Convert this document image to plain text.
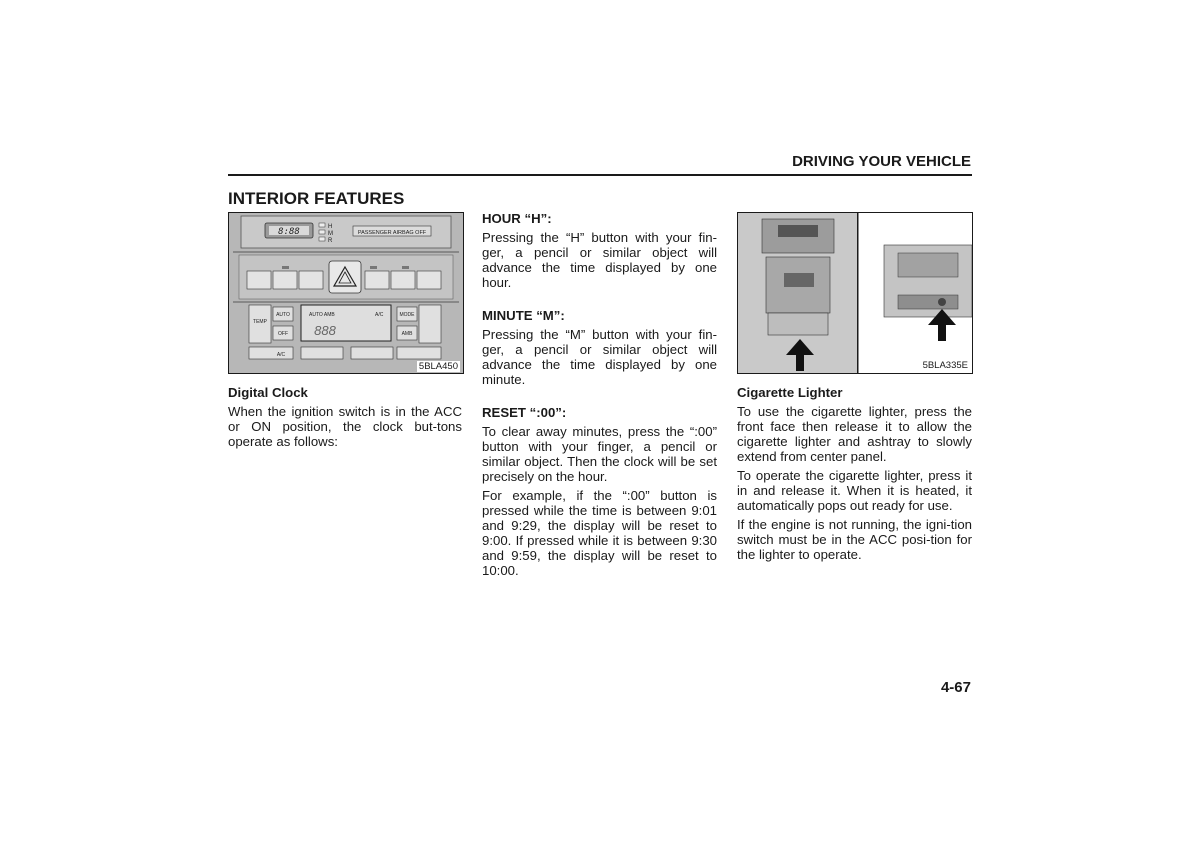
DRIVING YOUR VEHICLE
INTERIOR FEATURES
8:88	H
M
R
PASSENGER AIRBAG OFF
TEMP
AUTO
OFF
AUTO AMB	A/C
888
MODE
AMB
A/C
5BLA450	5BLA335E
Digital Clock

When the ignition switch is in the ACC or ON position, the clock but-tons operate as follows:

HOUR “H”:

Pressing the “H” button with your fin-ger, a pencil or similar object will advance the time displayed by one hour.

MINUTE “M”:

Pressing the “M” button with your fin-ger, a pencil or similar object will advance the time displayed by one minute.

RESET “:00”:

To clear away minutes, press the “:00” button with your finger, a pencil or similar object. Then the clock will be set precisely on the hour.

For example, if the “:00” button is pressed while the time is between 9:01 and 9:29, the display will be reset to 9:00. If pressed while it is between 9:30 and 9:59, the display will be reset to 10:00.

Cigarette Lighter

To use the cigarette lighter, press the front face then release it to allow the cigarette lighter and ashtray to slowly extend from center panel.

To operate the cigarette lighter, press it in and release it. When it is heated, it automatically pops out ready for use.

If the engine is not running, the igni-tion switch must be in the ACC posi-tion for the lighter to operate.

4-67
